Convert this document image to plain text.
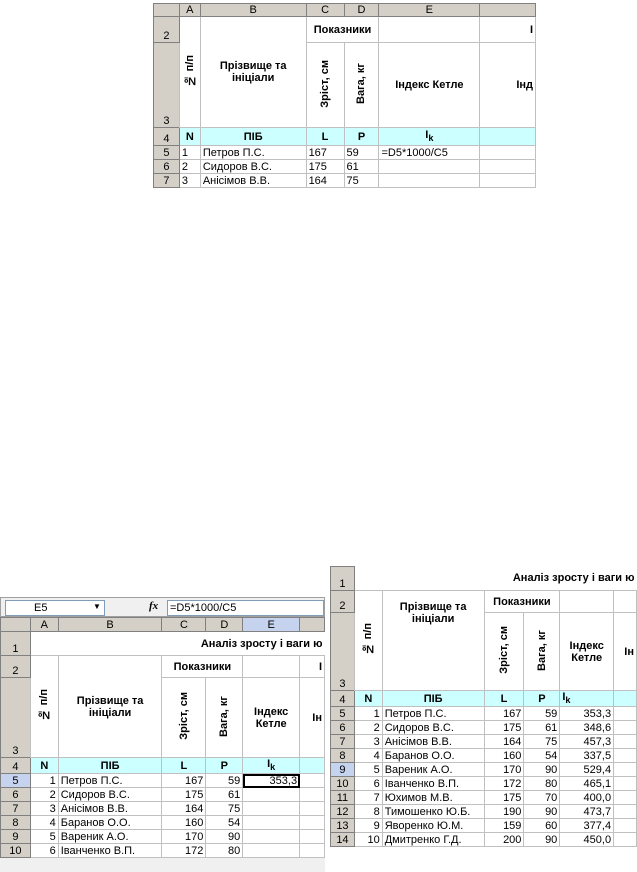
	A	B	C	D	E	
2	№ п/п	Прізвище та ініціали	Показники			І
3			Зріст, см	Вага, кг	Індекс Кетле	Інд
4	N	ПІБ	L	P	$I_k$	
5	1	Петров П.С.	167	59	=D5*1000/C5	
6	2	Сидоров В.С.	175	61		
7	3	Анісімов В.В.	164	75		
E5	▼	fx =D5*1000/C5
	A	B	C	D	E	
1	Аналіз зросту і ваги ю					
2	№ п/п	Прізвище та ініціали	Показники			І
3			Зріст, см	Вага, кг	Індекс Кетле	Ін
4	N	ПІБ	L	P	$I_k$	
5	1	Петров П.С.	167	59	353,3	
6	2	Сидоров В.С.	175	61		
7	3	Анісімов В.В.	164	75		
8	4	Баранов О.О.	160	54		
9	5	Вареник А.О.	170	90		
10	6	Іванченко В.П.	172	80		
1	Аналіз зросту і ваги ю					
2	№ п/п	Прізвище та ініціали	Показники			
3			Зріст, см	Вага, кг	Індекс Кетле	Ін
4	N	ПІБ	L	P	$I_k$	
5	1	Петров П.С.	167	59	353,3	
6	2	Сидоров В.С.	175	61	348,6	
7	3	Анісімов В.В.	164	75	457,3	
8	4	Баранов О.О.	160	54	337,5	
9	5	Вареник А.О.	170	90	529,4	
10	6	Іванченко В.П.	172	80	465,1	
11	7	Юхимов М.В.	175	70	400,0	
12	8	Тимошенко Ю.Б.	190	90	473,7	
13	9	Яворенко Ю.М.	159	60	377,4	
14	10	Дмитренко Г.Д.	200	90	450,0	
